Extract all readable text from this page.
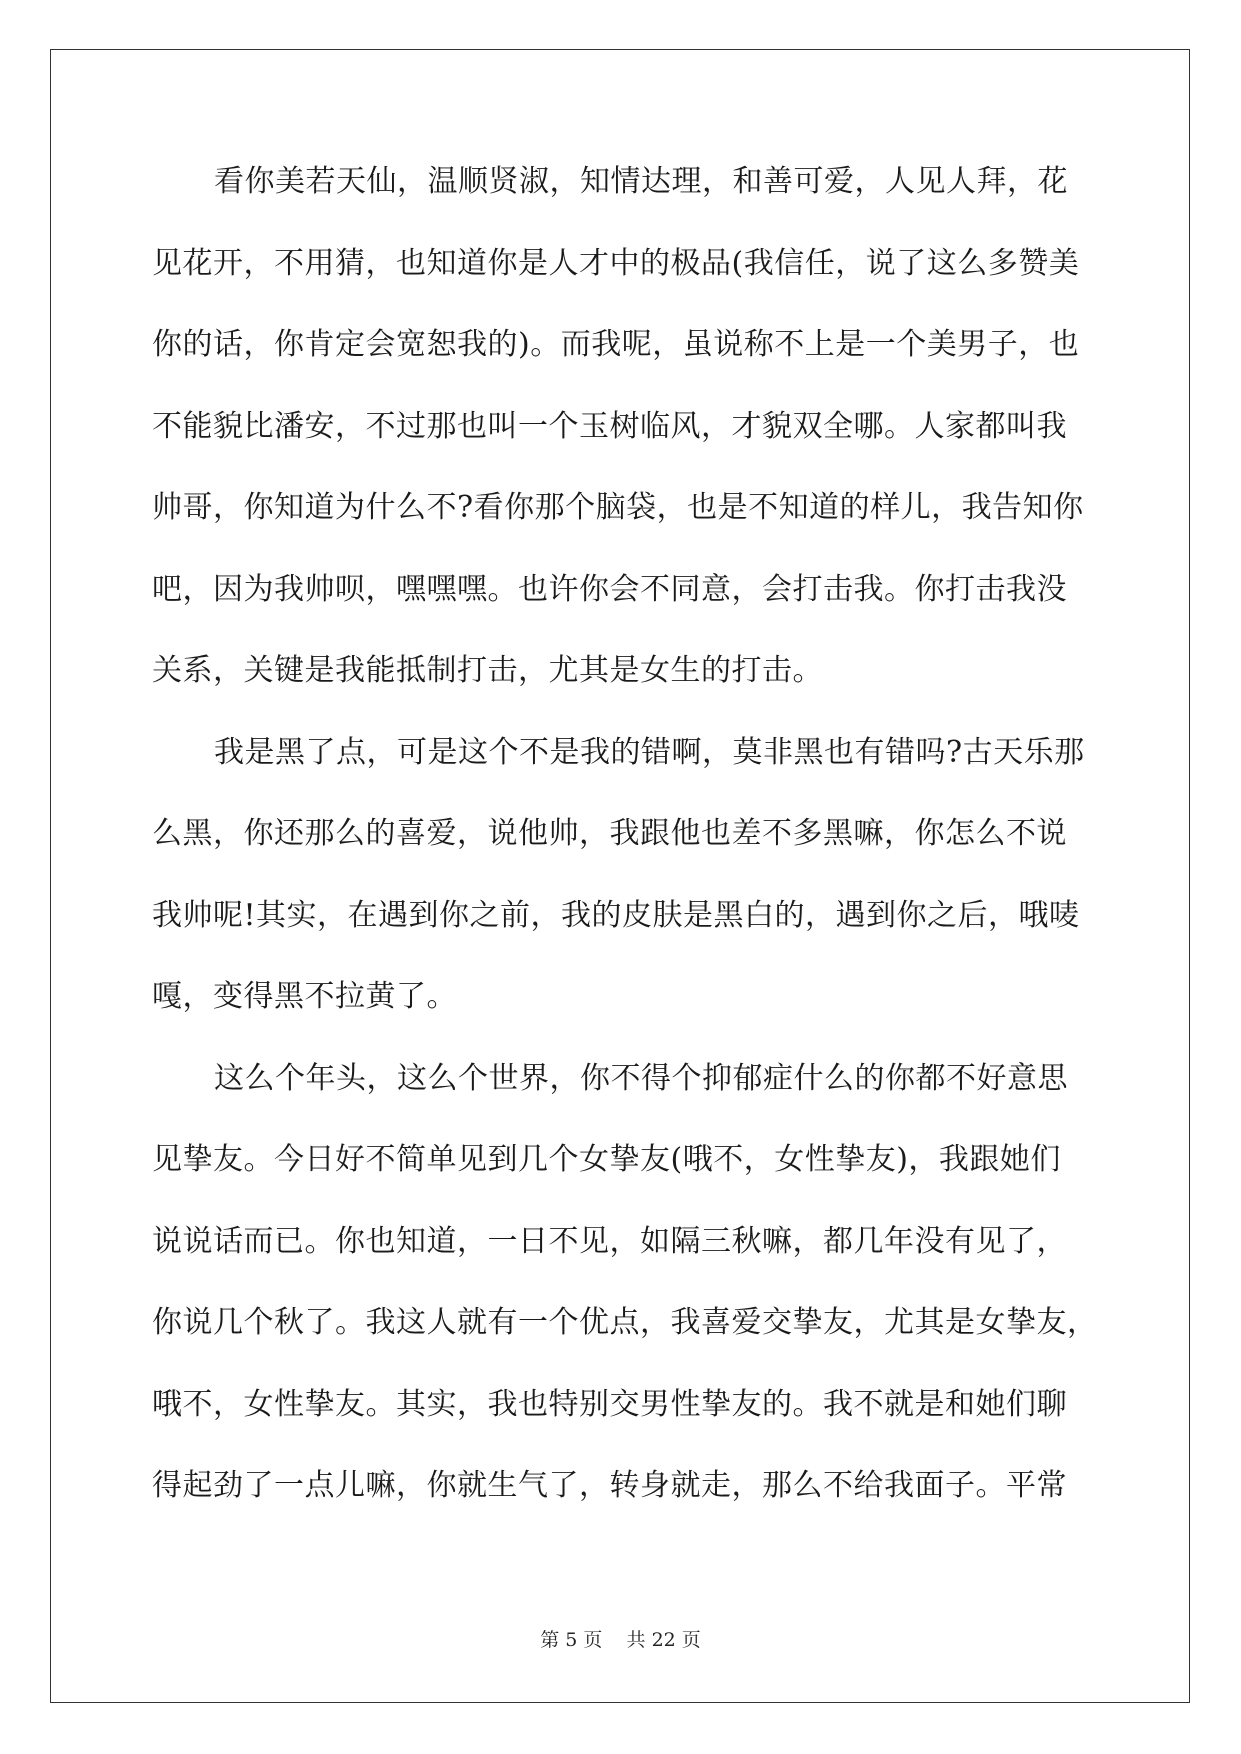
看你美若天仙，温顺贤淑，知情达理，和善可爱，人见人拜，花
见花开，不用猜，也知道你是人才中的极品(我信任，说了这么多赞美
你的话，你肯定会宽恕我的)。而我呢，虽说称不上是一个美男子，也
不能貌比潘安，不过那也叫一个玉树临风，才貌双全哪。人家都叫我
帅哥，你知道为什么不?看你那个脑袋，也是不知道的样儿，我告知你
吧，因为我帅呗，嘿嘿嘿。也许你会不同意，会打击我。你打击我没
关系，关键是我能抵制打击，尤其是女生的打击。
我是黑了点，可是这个不是我的错啊，莫非黑也有错吗?古天乐那
么黑，你还那么的喜爱，说他帅，我跟他也差不多黑嘛，你怎么不说
我帅呢!其实，在遇到你之前，我的皮肤是黑白的，遇到你之后，哦唛
嘎，变得黑不拉黄了。
这么个年头，这么个世界，你不得个抑郁症什么的你都不好意思
见挚友。今日好不简单见到几个女挚友(哦不，女性挚友)，我跟她们
说说话而已。你也知道，一日不见，如隔三秋嘛，都几年没有见了，
你说几个秋了。我这人就有一个优点，我喜爱交挚友，尤其是女挚友，
哦不，女性挚友。其实，我也特别交男性挚友的。我不就是和她们聊
得起劲了一点儿嘛，你就生气了，转身就走，那么不给我面子。平常
第 5 页 共 22 页
